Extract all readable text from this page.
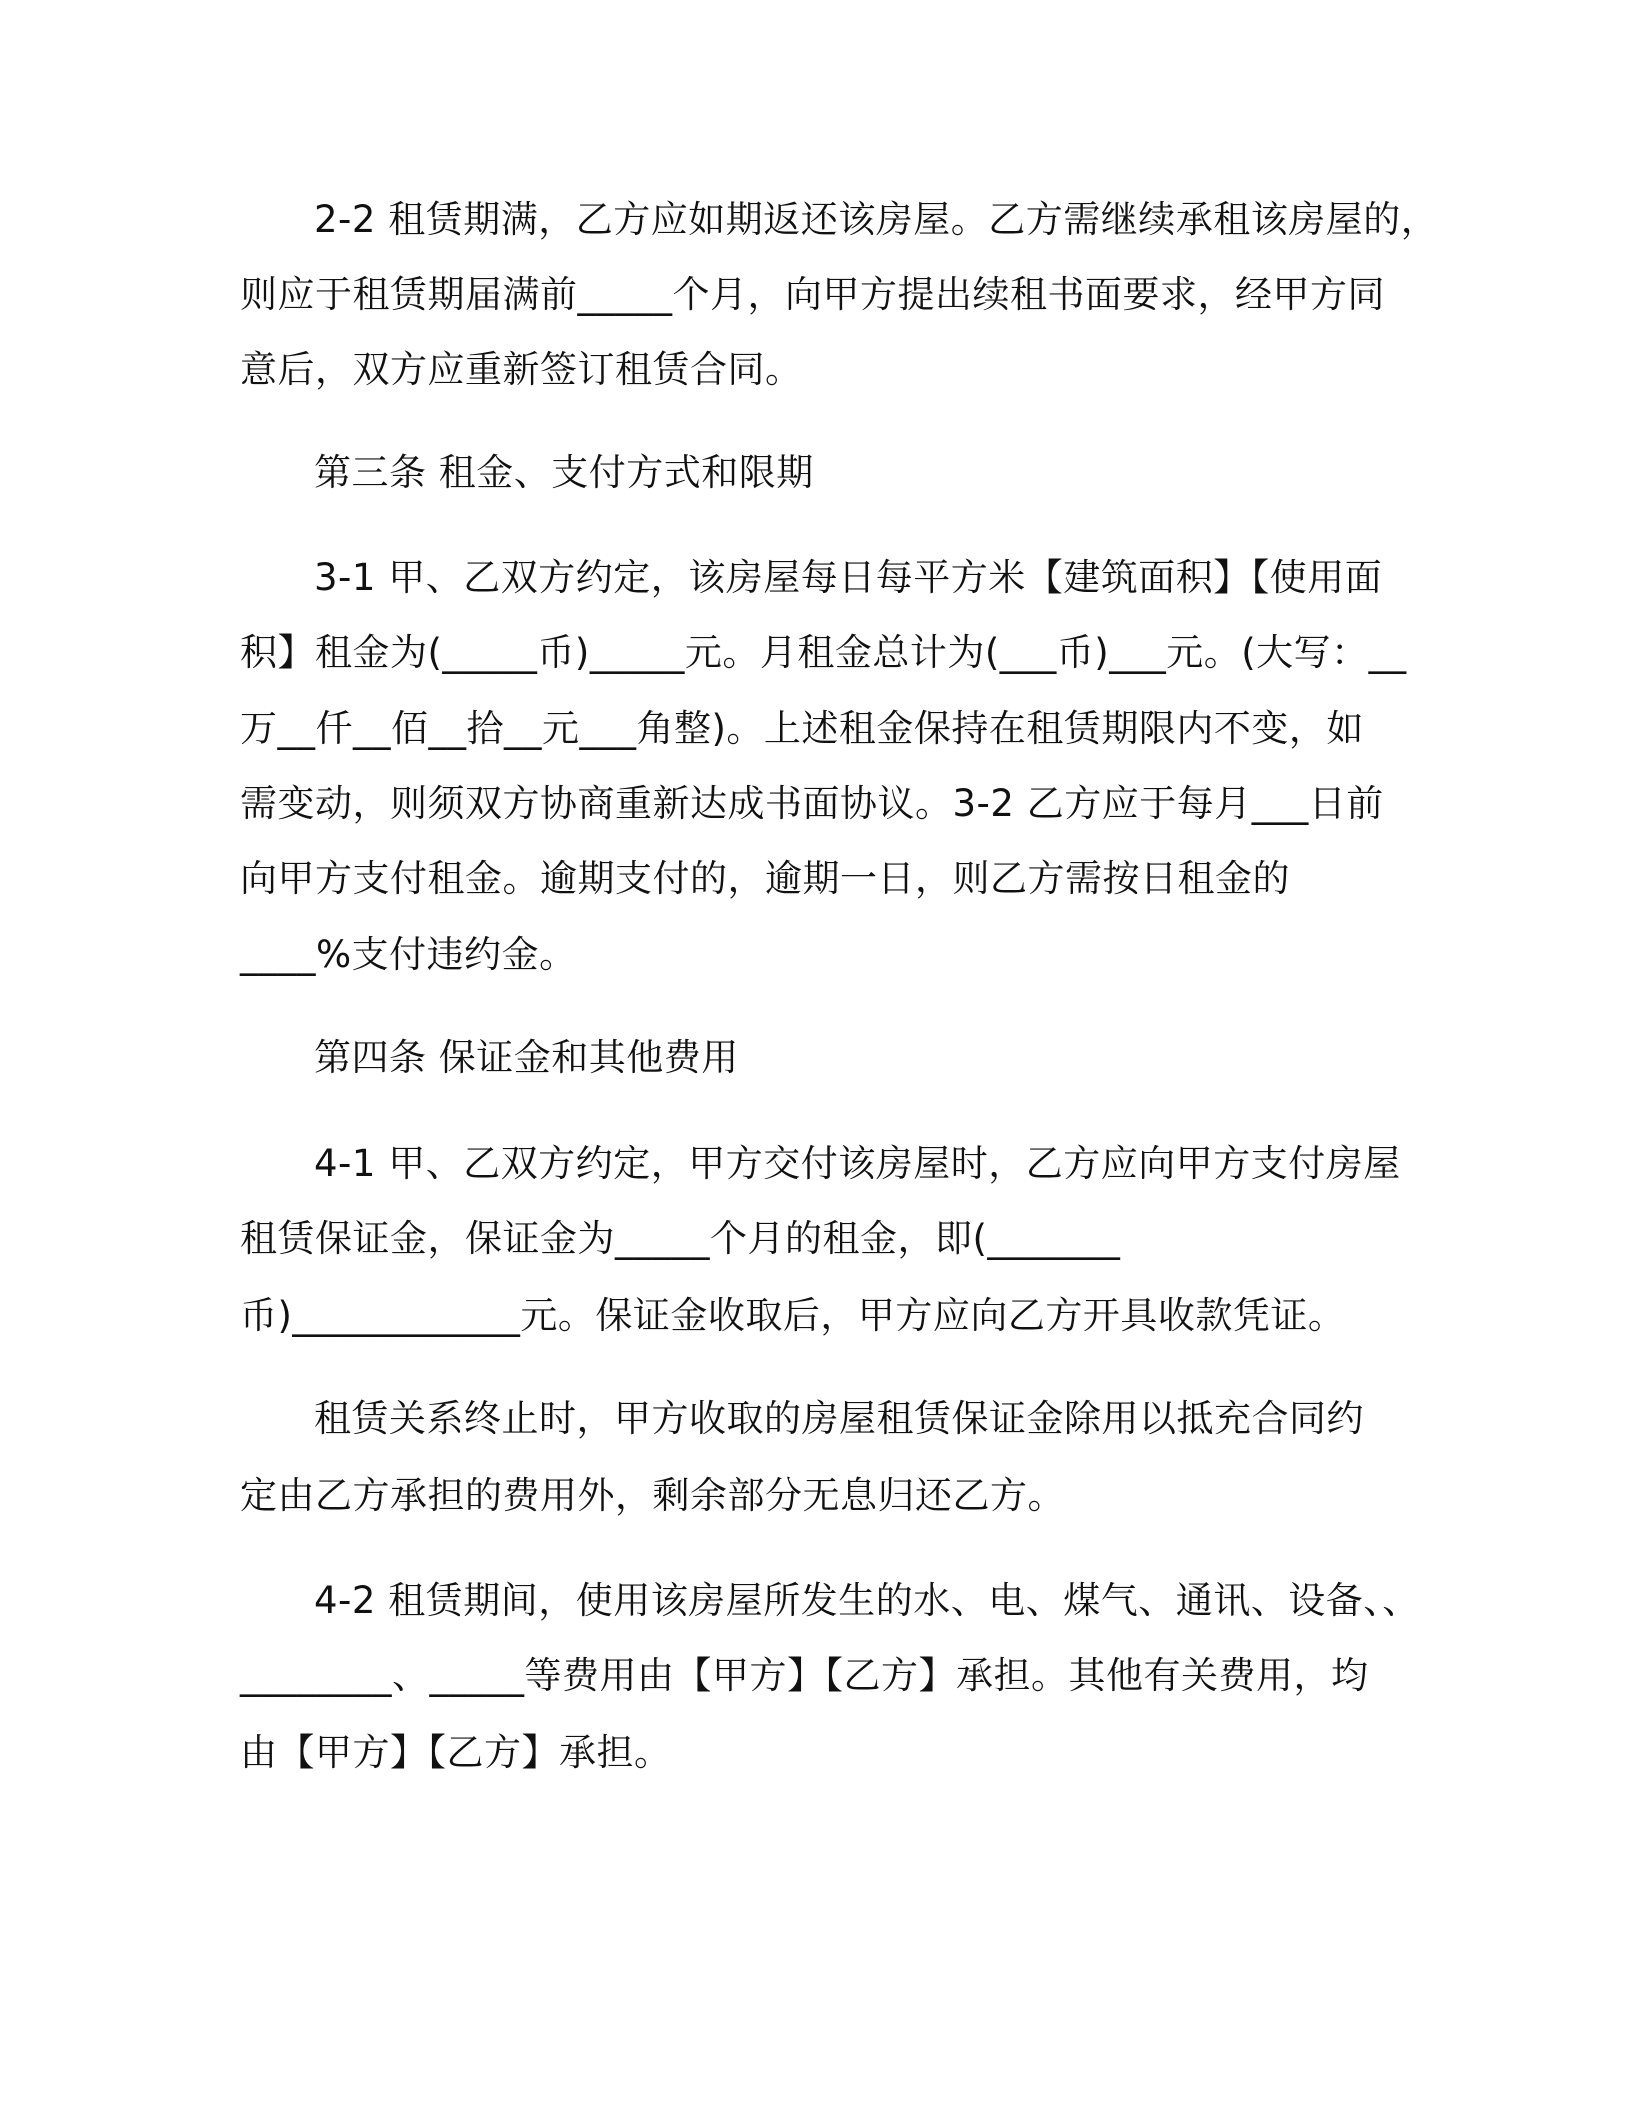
2-2 租赁期满，乙方应如期返还该房屋。乙方需继续承租该房屋的，
则应于租赁期届满前_____个月，向甲方提出续租书面要求，经甲方同
意后，双方应重新签订租赁合同。
第三条 租金、支付方式和限期
3-1 甲、乙双方约定，该房屋每日每平方米【建筑面积】【使用面
积】租金为(_____币)_____元。月租金总计为(___币)___元。(大写：__
万__仟__佰__拾__元___角整)。上述租金保持在租赁期限内不变，如
需变动，则须双方协商重新达成书面协议。3-2 乙方应于每月___日前
向甲方支付租金。逾期支付的，逾期一日，则乙方需按日租金的
____%支付违约金。
第四条 保证金和其他费用
4-1 甲、乙双方约定，甲方交付该房屋时，乙方应向甲方支付房屋
租赁保证金，保证金为_____个月的租金，即(_______
币)____________元。保证金收取后，甲方应向乙方开具收款凭证。
租赁关系终止时，甲方收取的房屋租赁保证金除用以抵充合同约
定由乙方承担的费用外，剩余部分无息归还乙方。
4-2 租赁期间，使用该房屋所发生的水、电、煤气、通讯、设备、、
________、_____等费用由【甲方】【乙方】承担。其他有关费用，均
由【甲方】【乙方】承担。
